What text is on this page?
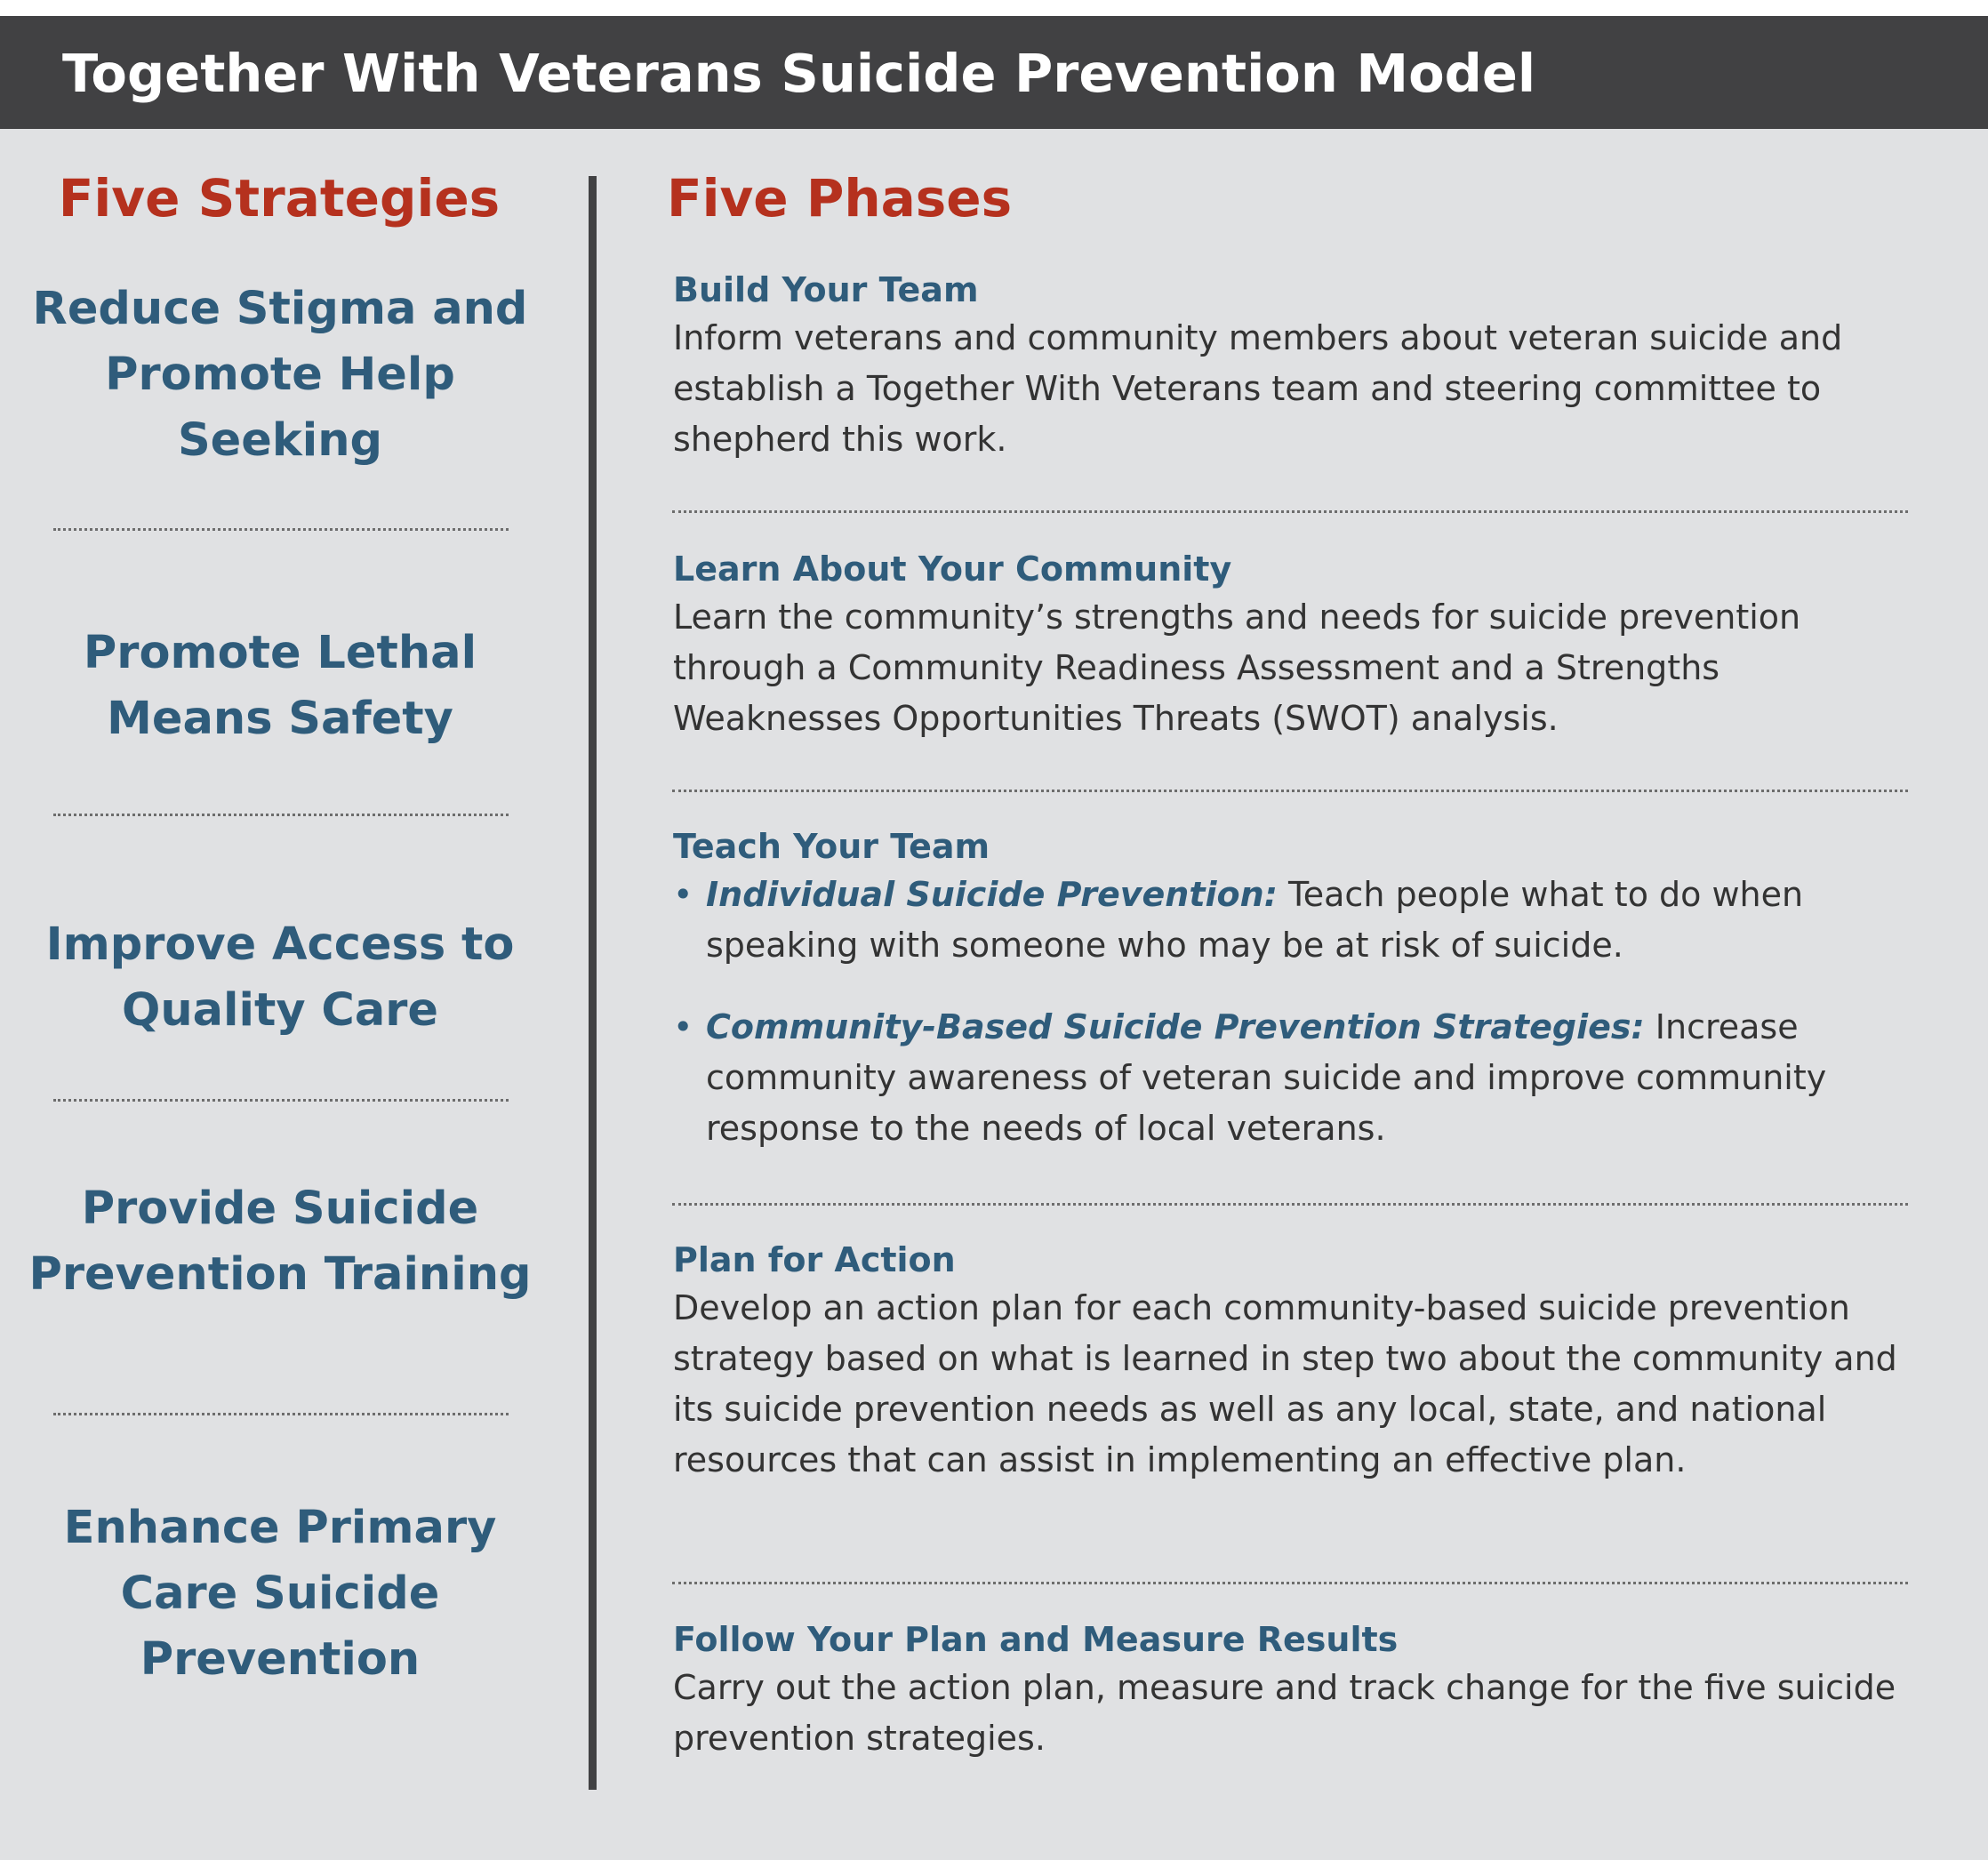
Together With Veterans Suicide Prevention Model
Five Strategies

Reduce Stigma and Promote Help Seeking

Promote Lethal Means Safety

Improve Access to Quality Care

Provide Suicide Prevention Training

Enhance Primary Care Suicide Prevention

Five Phases
Build Your Team

Inform veterans and community members about veteran suicide and establish a Together With Veterans team and steering committee to shepherd this work.

Learn About Your Community

Learn the community’s strengths and needs for suicide prevention through a Community Readiness Assessment and a Strengths Weaknesses Opportunities Threats (SWOT) analysis.

Teach Your Team
• Individual Suicide Prevention: Teach people what to do when speaking with someone who may be at risk of suicide.
• Community-Based Suicide Prevention Strategies: Increase community awareness of veteran suicide and improve community response to the needs of local veterans.
Plan for Action

Develop an action plan for each community-based suicide prevention strategy based on what is learned in step two about the community and its suicide prevention needs as well as any local, state, and national resources that can assist in implementing an effective plan.

Follow Your Plan and Measure Results

Carry out the action plan, measure and track change for the five suicide prevention strategies.
